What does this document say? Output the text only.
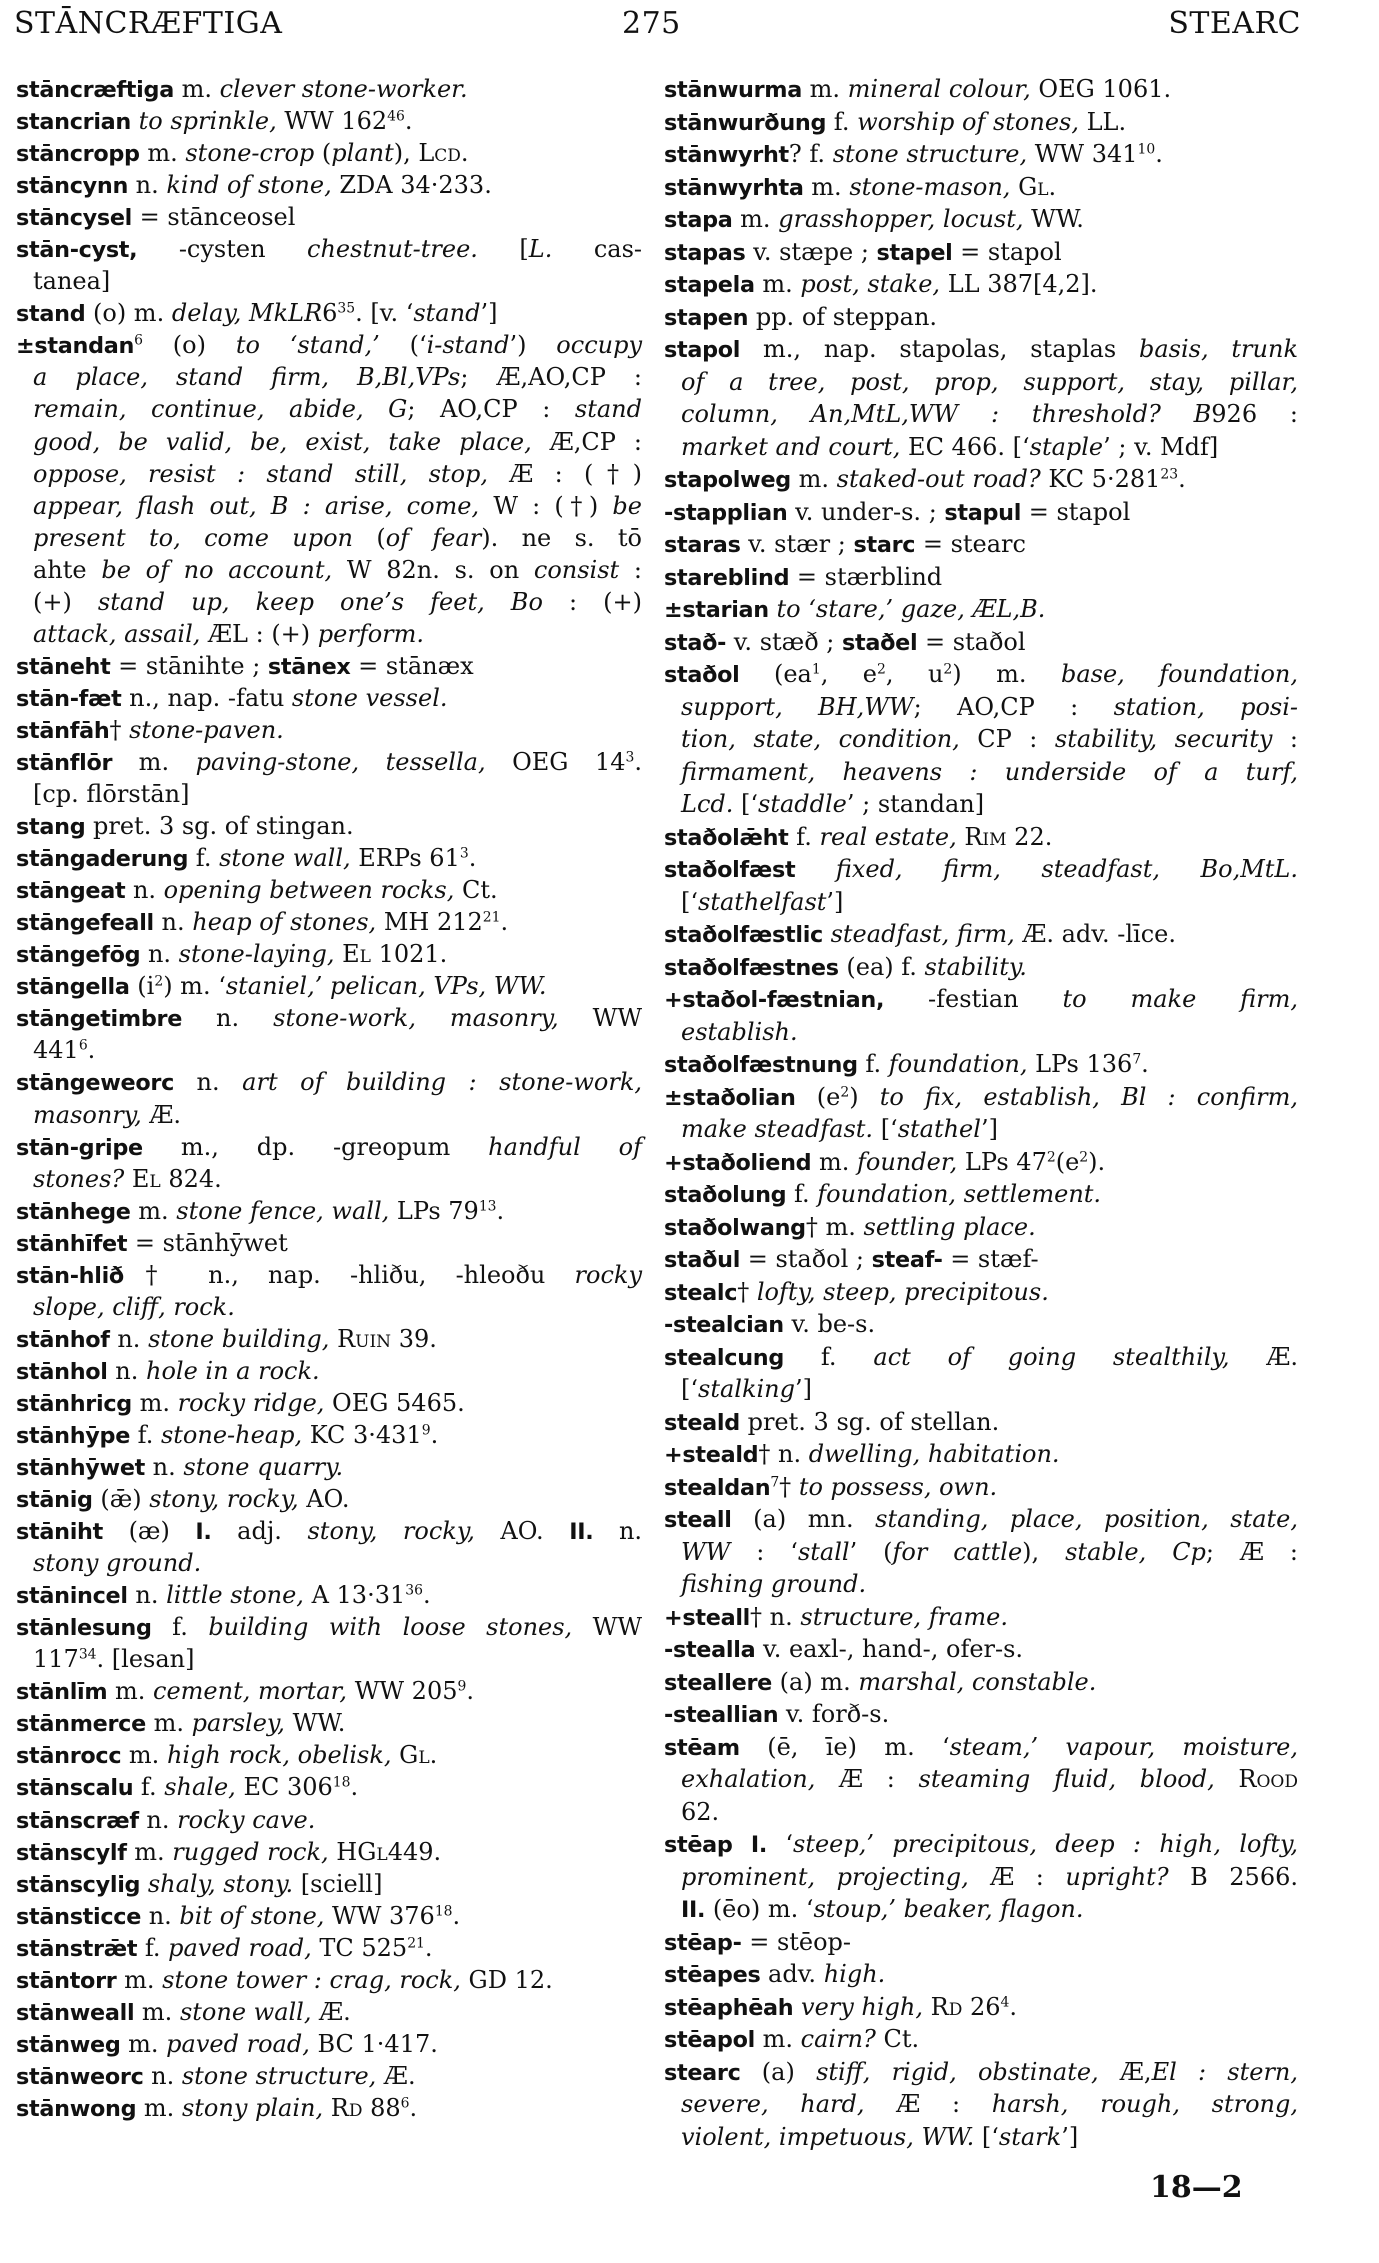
STĀNCRÆFTIGA	275	STEARC
stāncræftiga m. clever stone-worker.
stancrian to sprinkle, WW $162^{46}$.
stāncropp m. stone-crop (plant), Lcd.
stāncynn n. kind of stone, ZDA 34·233.
stāncysel = stānceosel
stān-cyst, -cysten chestnut-tree. [L. cas-
tanea]
stand (o) m. delay, $MkLR6^{35}$. [v. ‘stand’]
±standan$^6$ (o) to ‘stand,’ (‘i-stand’) occupy
a place, stand firm, B,Bl,VPs; Æ,AO,CP :
remain, continue, abide, G; AO,CP : stand
good, be valid, be, exist, take place, Æ,CP :
oppose, resist : stand still, stop, Æ : (†)
appear, flash out, B : arise, come, W : (†) be
present to, come upon (of fear). ne s. tō
ahte be of no account, W 82n. s. on consist :
(+) stand up, keep one’s feet, Bo : (+)
attack, assail, ÆL : (+) perform.
stāneht = stānihte ; stānex = stānæx
stān-fæt n., nap. -fatu stone vessel.
stānfāh† stone-paven.
stānflōr m. paving-stone, tessella, OEG $14^3$.
[cp. flōrstān]
stang pret. 3 sg. of stingan.
stāngaderung f. stone wall, ERPs $61^3$.
stāngeat n. opening between rocks, Ct.
stāngefeall n. heap of stones, MH $212^{21}$.
stāngefōg n. stone-laying, El 1021.
stāngella $(i^2)$ m. ‘staniel,’ pelican, VPs, WW.
stāngetimbre n. stone-work, masonry, WW
$441^6$.
stāngeweorc n. art of building : stone-work,
masonry, Æ.
stān-gripe m., dp. -greopum handful of
stones? El 824.
stānhege m. stone fence, wall, LPs $79^{13}$.
stānhīfet = stānhȳwet
stān-hlið† n., nap. -hliðu, -hleoðu rocky
slope, cliff, rock.
stānhof n. stone building, Ruin 39.
stānhol n. hole in a rock.
stānhricg m. rocky ridge, OEG 5465.
stānhȳpe f. stone-heap, KC $3\cdot 431^9$.
stānhȳwet n. stone quarry.
stānig (ǣ) stony, rocky, AO.
stāniht (æ) I. adj. stony, rocky, AO. II. n.
stony ground.
stānincel n. little stone, A $13\cdot 31^{36}$.
stānlesung f. building with loose stones, WW
$117^{34}$. [lesan]
stānlīm m. cement, mortar, WW $205^9$.
stānmerce m. parsley, WW.
stānrocc m. high rock, obelisk, Gl.
stānscalu f. shale, EC $306^{18}$.
stānscræf n. rocky cave.
stānscylf m. rugged rock, HGl449.
stānscylig shaly, stony. [sciell]
stānsticce n. bit of stone, WW $376^{18}$.
stānstrǣt f. paved road, TC $525^{21}$.
stāntorr m. stone tower : crag, rock, GD 12.
stānweall m. stone wall, Æ.
stānweg m. paved road, BC 1·417.
stānweorc n. stone structure, Æ.
stānwong m. stony plain, Rd $88^6$.
stānwurma m. mineral colour, OEG 1061.
stānwurðung f. worship of stones, LL.
stānwyrht? f. stone structure, WW $341^{10}$.
stānwyrhta m. stone-mason, Gl.
stapa m. grasshopper, locust, WW.
stapas v. stæpe ; stapel = stapol
stapela m. post, stake, LL 387[4,2].
stapen pp. of steppan.
stapol m., nap. stapolas, staplas basis, trunk
of a tree, post, prop, support, stay, pillar,
column, An,MtL,WW : threshold? B926 :
market and court, EC 466. [‘staple’ ; v. Mdf]
stapolweg m. staked-out road? KC $5\cdot 281^{23}$.
-stapplian v. under-s. ; stapul = stapol
staras v. stær ; starc = stearc
stareblind = stærblind
±starian to ‘stare,’ gaze, ÆL,B.
stað- v. stæð ; staðel = staðol
staðol ($ea^1$, $e^2$, $u^2$) m. base, foundation,
support, BH,WW; AO,CP : station, posi-
tion, state, condition, CP : stability, security :
firmament, heavens : underside of a turf,
Lcd. [‘staddle’ ; standan]
staðolǣht f. real estate, Rim 22.
staðolfæst fixed, firm, steadfast, Bo,MtL.
[‘stathelfast’]
staðolfæstlic steadfast, firm, Æ. adv. -līce.
staðolfæstnes (ea) f. stability.
+staðol-fæstnian, -festian to make firm,
establish.
staðolfæstnung f. foundation, LPs $136^7$.
±staðolian $(e^2)$ to fix, establish, Bl : confirm,
make steadfast. [‘stathel’]
+staðoliend m. founder, LPs $47^2(e^2)$.
staðolung f. foundation, settlement.
staðolwang† m. settling place.
staðul = staðol ; steaf- = stæf-
stealc† lofty, steep, precipitous.
-stealcian v. be-s.
stealcung f. act of going stealthily, Æ.
[‘stalking’]
steald pret. 3 sg. of stellan.
+steald† n. dwelling, habitation.
stealdan$^7$† to possess, own.
steall (a) mn. standing, place, position, state,
WW : ‘stall’ (for cattle), stable, Cp; Æ :
fishing ground.
+steall† n. structure, frame.
-stealla v. eaxl-, hand-, ofer-s.
steallere (a) m. marshal, constable.
-steallian v. forð-s.
stēam (ē, īe) m. ‘steam,’ vapour, moisture,
exhalation, Æ : steaming fluid, blood, Rood
62.
stēap I. ‘steep,’ precipitous, deep : high, lofty,
prominent, projecting, Æ : upright? B 2566.
II. (ēo) m. ‘stoup,’ beaker, flagon.
stēap- = stēop-
stēapes adv. high.
stēaphēah very high, Rd $26^4$.
stēapol m. cairn? Ct.
stearc (a) stiff, rigid, obstinate, Æ,El : stern,
severe, hard, Æ : harsh, rough, strong,
violent, impetuous, WW. [‘stark’]
18—2
